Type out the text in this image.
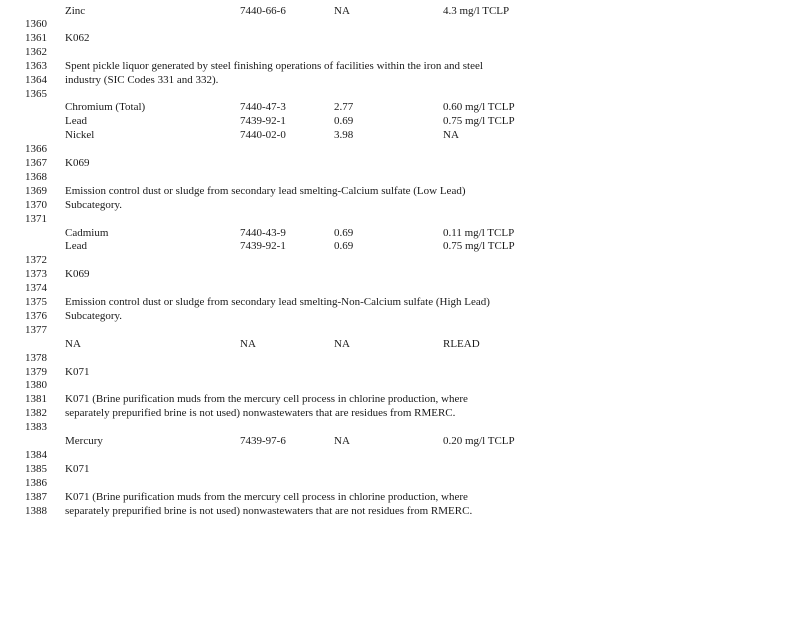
Zinc	7440-66-6	NA	4.3 mg/l TCLP
1360
1361 K062
1362
1363 Spent pickle liquor generated by steel finishing operations of facilities within the iron and steel
1364 industry (SIC Codes 331 and 332).
1365
Chromium (Total)	7440-47-3	2.77	0.60 mg/l TCLP
Lead	7439-92-1	0.69	0.75 mg/l TCLP
Nickel	7440-02-0	3.98	NA
1366
1367 K069
1368
1369 Emission control dust or sludge from secondary lead smelting-Calcium sulfate (Low Lead)
1370 Subcategory.
1371
Cadmium	7440-43-9	0.69	0.11 mg/l TCLP
Lead	7439-92-1	0.69	0.75 mg/l TCLP
1372
1373 K069
1374
1375 Emission control dust or sludge from secondary lead smelting-Non-Calcium sulfate (High Lead)
1376 Subcategory.
1377
NA	NA	NA	RLEAD
1378
1379 K071
1380
1381 K071 (Brine purification muds from the mercury cell process in chlorine production, where
1382 separately prepurified brine is not used) nonwastewaters that are residues from RMERC.
1383
Mercury	7439-97-6	NA	0.20 mg/l TCLP
1384
1385 K071
1386
1387 K071 (Brine purification muds from the mercury cell process in chlorine production, where
1388 separately prepurified brine is not used) nonwastewaters that are not residues from RMERC.
